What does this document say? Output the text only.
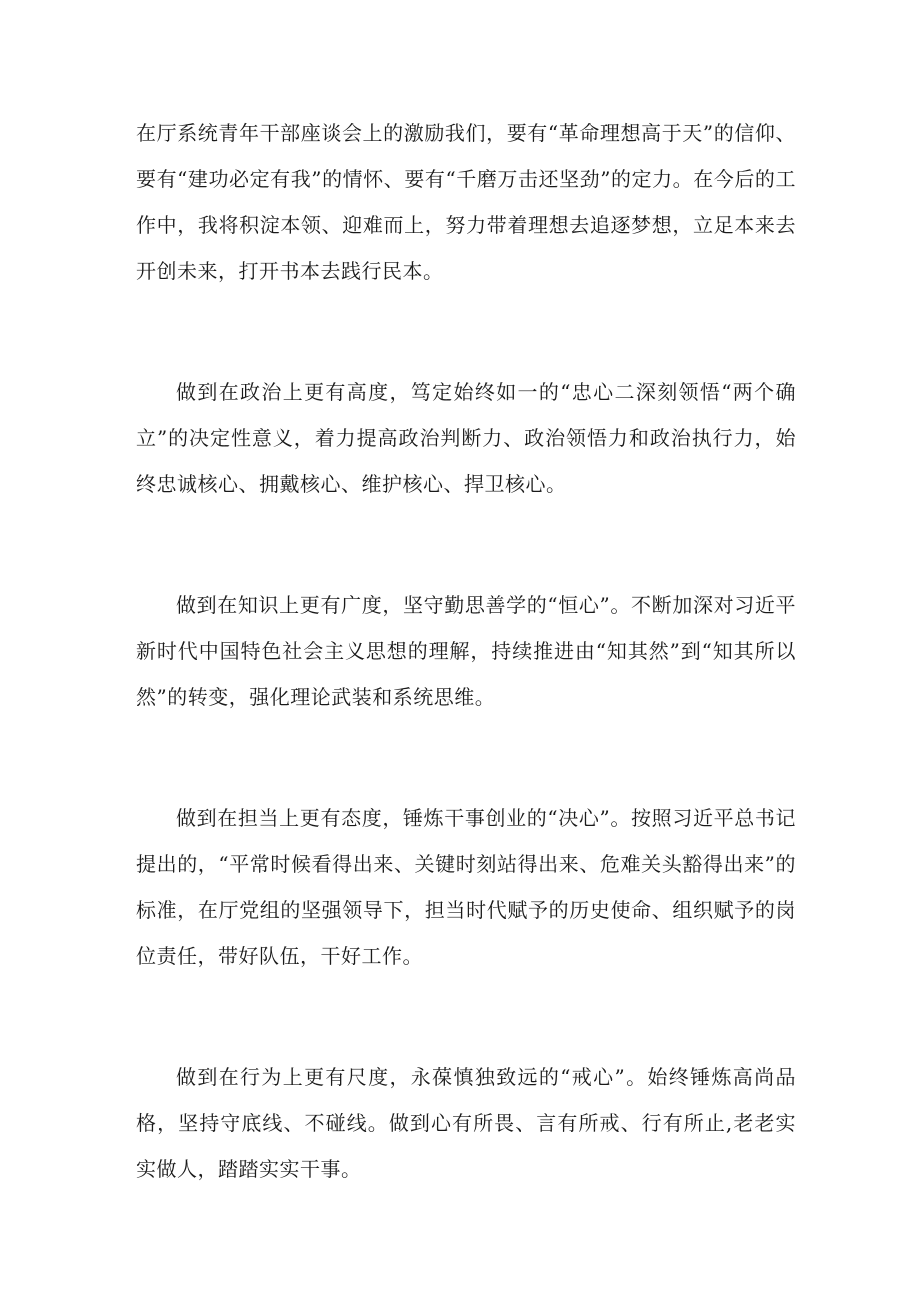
在厅系统青年干部座谈会上的激励我们，要有“革命理想高于天”的信仰、要有“建功必定有我”的情怀、要有“千磨万击还坚劲”的定力。在今后的工作中，我将积淀本领、迎难而上，努力带着理想去追逐梦想，立足本来去开创未来，打开书本去践行民本。

做到在政治上更有高度，笃定始终如一的“忠心二深刻领悟“两个确立”的决定性意义，着力提高政治判断力、政治领悟力和政治执行力，始终忠诚核心、拥戴核心、维护核心、捍卫核心。

做到在知识上更有广度，坚守勤思善学的“恒心”。不断加深对习近平新时代中国特色社会主义思想的理解，持续推进由“知其然”到“知其所以然”的转变，强化理论武装和系统思维。

做到在担当上更有态度，锤炼干事创业的“决心”。按照习近平总书记提出的，“平常时候看得出来、关键时刻站得出来、危难关头豁得出来”的标准，在厅党组的坚强领导下，担当时代赋予的历史使命、组织赋予的岗位责任，带好队伍，干好工作。

做到在行为上更有尺度，永葆慎独致远的“戒心”。始终锤炼高尚品格，坚持守底线、不碰线。做到心有所畏、言有所戒、行有所止,老老实实做人，踏踏实实干事。
